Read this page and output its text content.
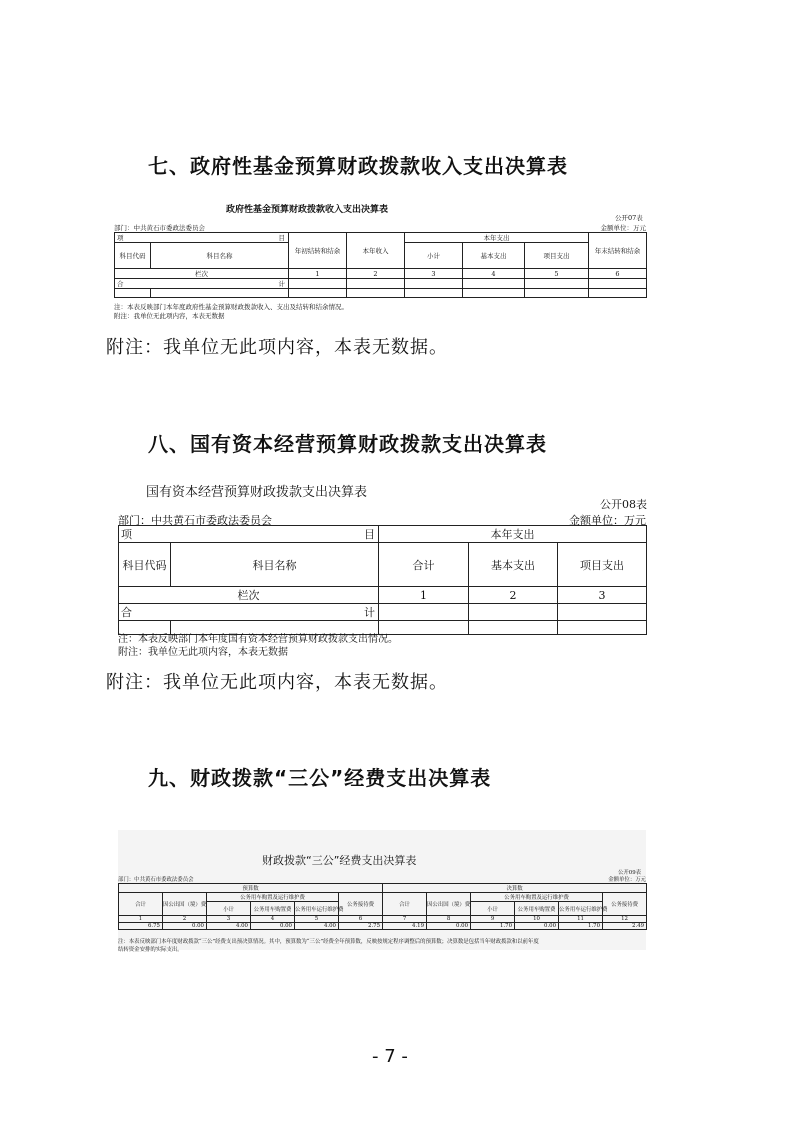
七、政府性基金预算财政拨款收入支出决算表
政府性基金预算财政拨款收入支出决算表
公开07表
部门：中共黄石市委政法委员会	金额单位：万元
项 目		年初结转和结余	本年收入	本年支出			年末结转和结余
科目代码	科目名称			小计	基本支出	项目支出	
栏次		1	2	3	4	5	6
合 计							

注：本表反映部门本年度政府性基金预算财政拨款收入、支出及结转和结余情况。
附注：我单位无此项内容，本表无数据
附注：我单位无此项内容，本表无数据。
八、国有资本经营预算财政拨款支出决算表
国有资本经营预算财政拨款支出决算表
公开08表
部门：中共黄石市委政法委员会	金额单位：万元
项 目		本年支出		
科目代码	科目名称	合计	基本支出	项目支出
栏次		1	2	3
合 计				

注：本表反映部门本年度国有资本经营预算财政拨款支出情况。
附注：我单位无此项内容，本表无数据
附注：我单位无此项内容，本表无数据。
九、财政拨款“三公”经费支出决算表
财政拨款“三公”经费支出决算表
公开09表
部门：中共黄石市委政法委员会	金额单位：万元
预算数						决算数					
合计	因公出国（境）费	公务用车购置及运行维护费			公务接待费	合计	因公出国（境）费	公务用车购置及运行维护费			公务接待费
		小计	公务用车购置费	公务用车运行维护费				小计	公务用车购置费	公务用车运行维护费	
1	2	3	4	5	6	7	8	9	10	11	12
6.75	0.00	4.00	0.00	4.00	2.75	4.19	0.00	1.70	0.00	1.70	2.49
注：本表反映部门本年度财政拨款“三公”经费支出预决算情况。其中，预算数为“三公”经费全年预算数，反映按规定程序调整后的预算数；决算数是包括当年财政拨款和以前年度
结转资金安排的实际支出。
- 7 -
